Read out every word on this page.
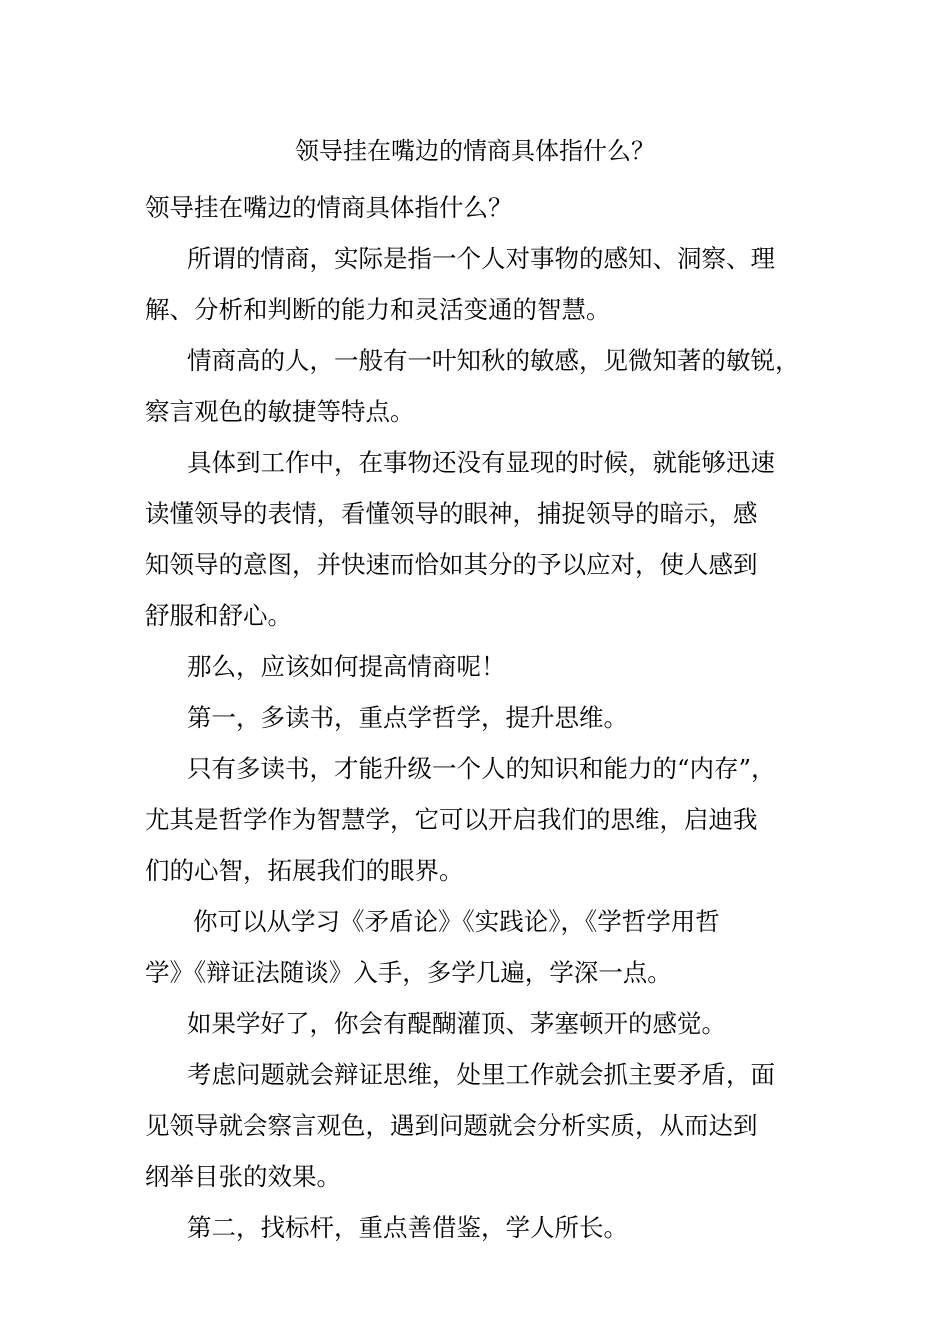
领导挂在嘴边的情商具体指什么？
领导挂在嘴边的情商具体指什么？
所谓的情商，实际是指一个人对事物的感知、洞察、理
解、分析和判断的能力和灵活变通的智慧。
情商高的人，一般有一叶知秋的敏感，见微知著的敏锐，
察言观色的敏捷等特点。
具体到工作中，在事物还没有显现的时候，就能够迅速
读懂领导的表情，看懂领导的眼神，捕捉领导的暗示，感
知领导的意图，并快速而恰如其分的予以应对，使人感到
舒服和舒心。
那么，应该如何提高情商呢！
第一，多读书，重点学哲学，提升思维。
只有多读书，才能升级一个人的知识和能力的“内存”，
尤其是哲学作为智慧学，它可以开启我们的思维，启迪我
们的心智，拓展我们的眼界。
你可以从学习《矛盾论》《实践论》，《学哲学用哲
学》《辩证法随谈》入手，多学几遍，学深一点。
如果学好了，你会有醍醐灌顶、茅塞顿开的感觉。
考虑问题就会辩证思维，处里工作就会抓主要矛盾，面
见领导就会察言观色，遇到问题就会分析实质，从而达到
纲举目张的效果。
第二，找标杆，重点善借鉴，学人所长。
